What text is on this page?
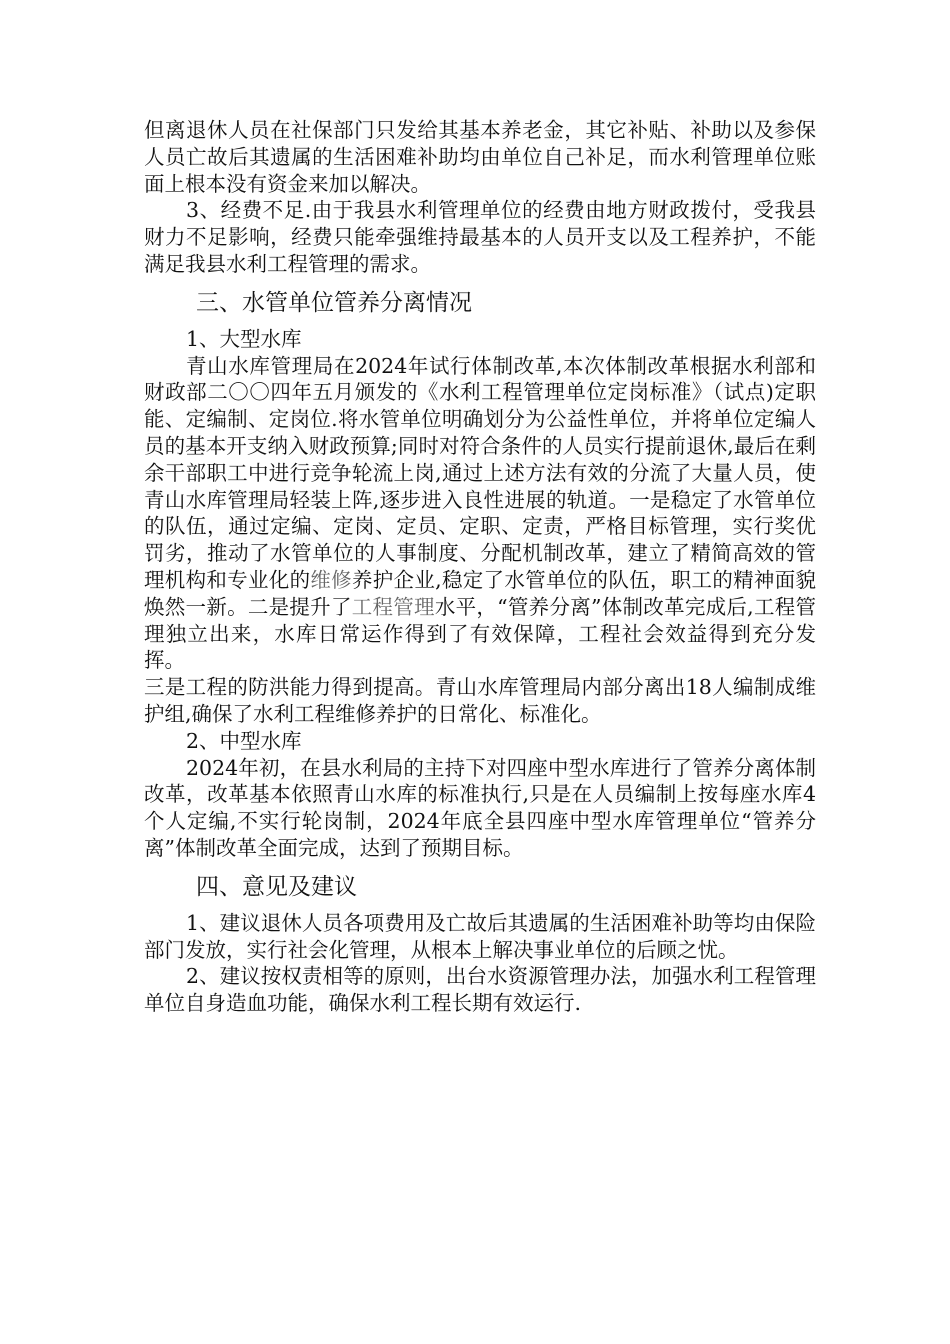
但离退休人员在社保部门只发给其基本养老金，其它补贴、补助以及参保人员亡故后其遗属的生活困难补助均由单位自己补足，而水利管理单位账面上根本没有资金来加以解决。

3、经费不足.由于我县水利管理单位的经费由地方财政拨付，受我县财力不足影响，经费只能牵强维持最基本的人员开支以及工程养护，不能满足我县水利工程管理的需求。

三、水管单位管养分离情况

1、大型水库

青山水库管理局在2024年试行体制改革,本次体制改革根据水利部和财政部二〇〇四年五月颁发的《水利工程管理单位定岗标准》（试点)定职能、定编制、定岗位.将水管单位明确划分为公益性单位，并将单位定编人员的基本开支纳入财政预算;同时对符合条件的人员实行提前退休,最后在剩余干部职工中进行竞争轮流上岗,通过上述方法有效的分流了大量人员，使青山水库管理局轻装上阵,逐步进入良性进展的轨道。一是稳定了水管单位的队伍，通过定编、定岗、定员、定职、定责，严格目标管理，实行奖优罚劣，推动了水管单位的人事制度、分配机制改革，建立了精简高效的管理机构和专业化的维修养护企业,稳定了水管单位的队伍，职工的精神面貌焕然一新。二是提升了工程管理水平，“管养分离”体制改革完成后,工程管理独立出来，水库日常运作得到了有效保障，工程社会效益得到充分发挥。

三是工程的防洪能力得到提高。青山水库管理局内部分离出18人编制成维护组,确保了水利工程维修养护的日常化、标准化。

2、中型水库

2024年初，在县水利局的主持下对四座中型水库进行了管养分离体制改革，改革基本依照青山水库的标准执行,只是在人员编制上按每座水库4个人定编,不实行轮岗制，2024年底全县四座中型水库管理单位“管养分离”体制改革全面完成，达到了预期目标。

四、意见及建议

1、建议退休人员各项费用及亡故后其遗属的生活困难补助等均由保险部门发放，实行社会化管理，从根本上解决事业单位的后顾之忧。

2、建议按权责相等的原则，出台水资源管理办法，加强水利工程管理单位自身造血功能，确保水利工程长期有效运行.
